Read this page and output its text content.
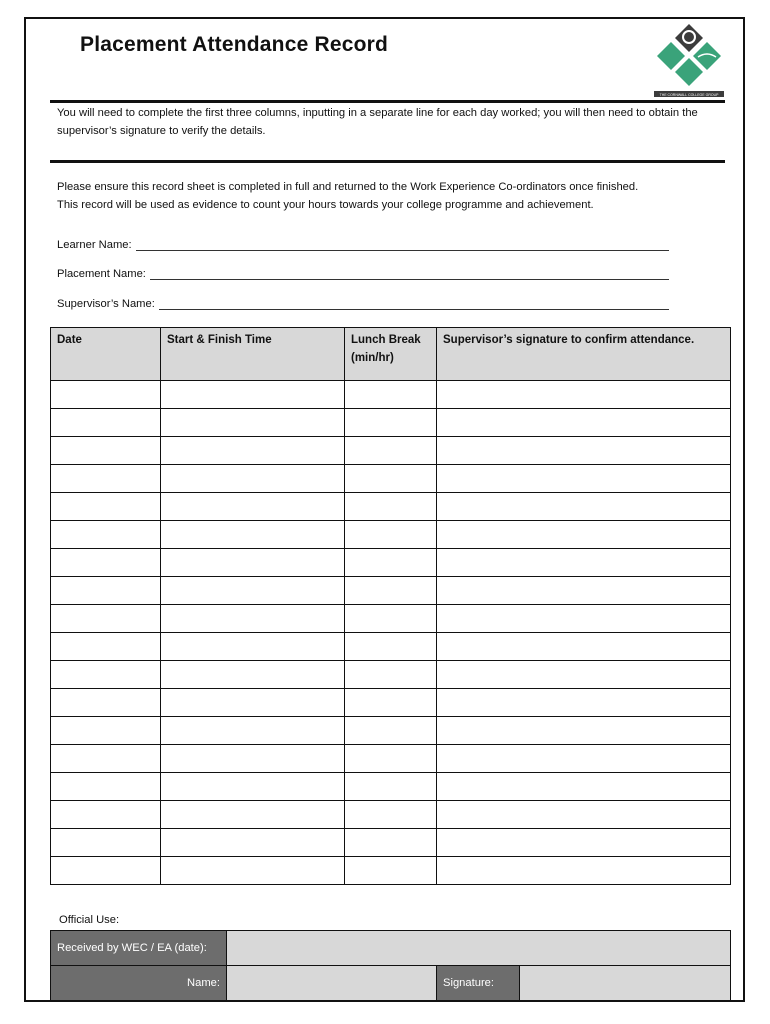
Placement Attendance Record
THE CORNWALL COLLEGE GROUP
You will need to complete the first three columns, inputting in a separate line for each day worked; you will then need to obtain the supervisor’s signature to verify the details.
Please ensure this record sheet is completed in full and returned to the Work Experience Co-ordinators once finished.
This record will be used as evidence to count your hours towards your college programme and achievement.
Learner Name:
Placement Name:
Supervisor’s Name:
Date	Start & Finish Time	Lunch Break (min/hr)	Supervisor’s signature to confirm attendance.

Official Use:
Received by WEC / EA (date):			
Name:		Signature:	
